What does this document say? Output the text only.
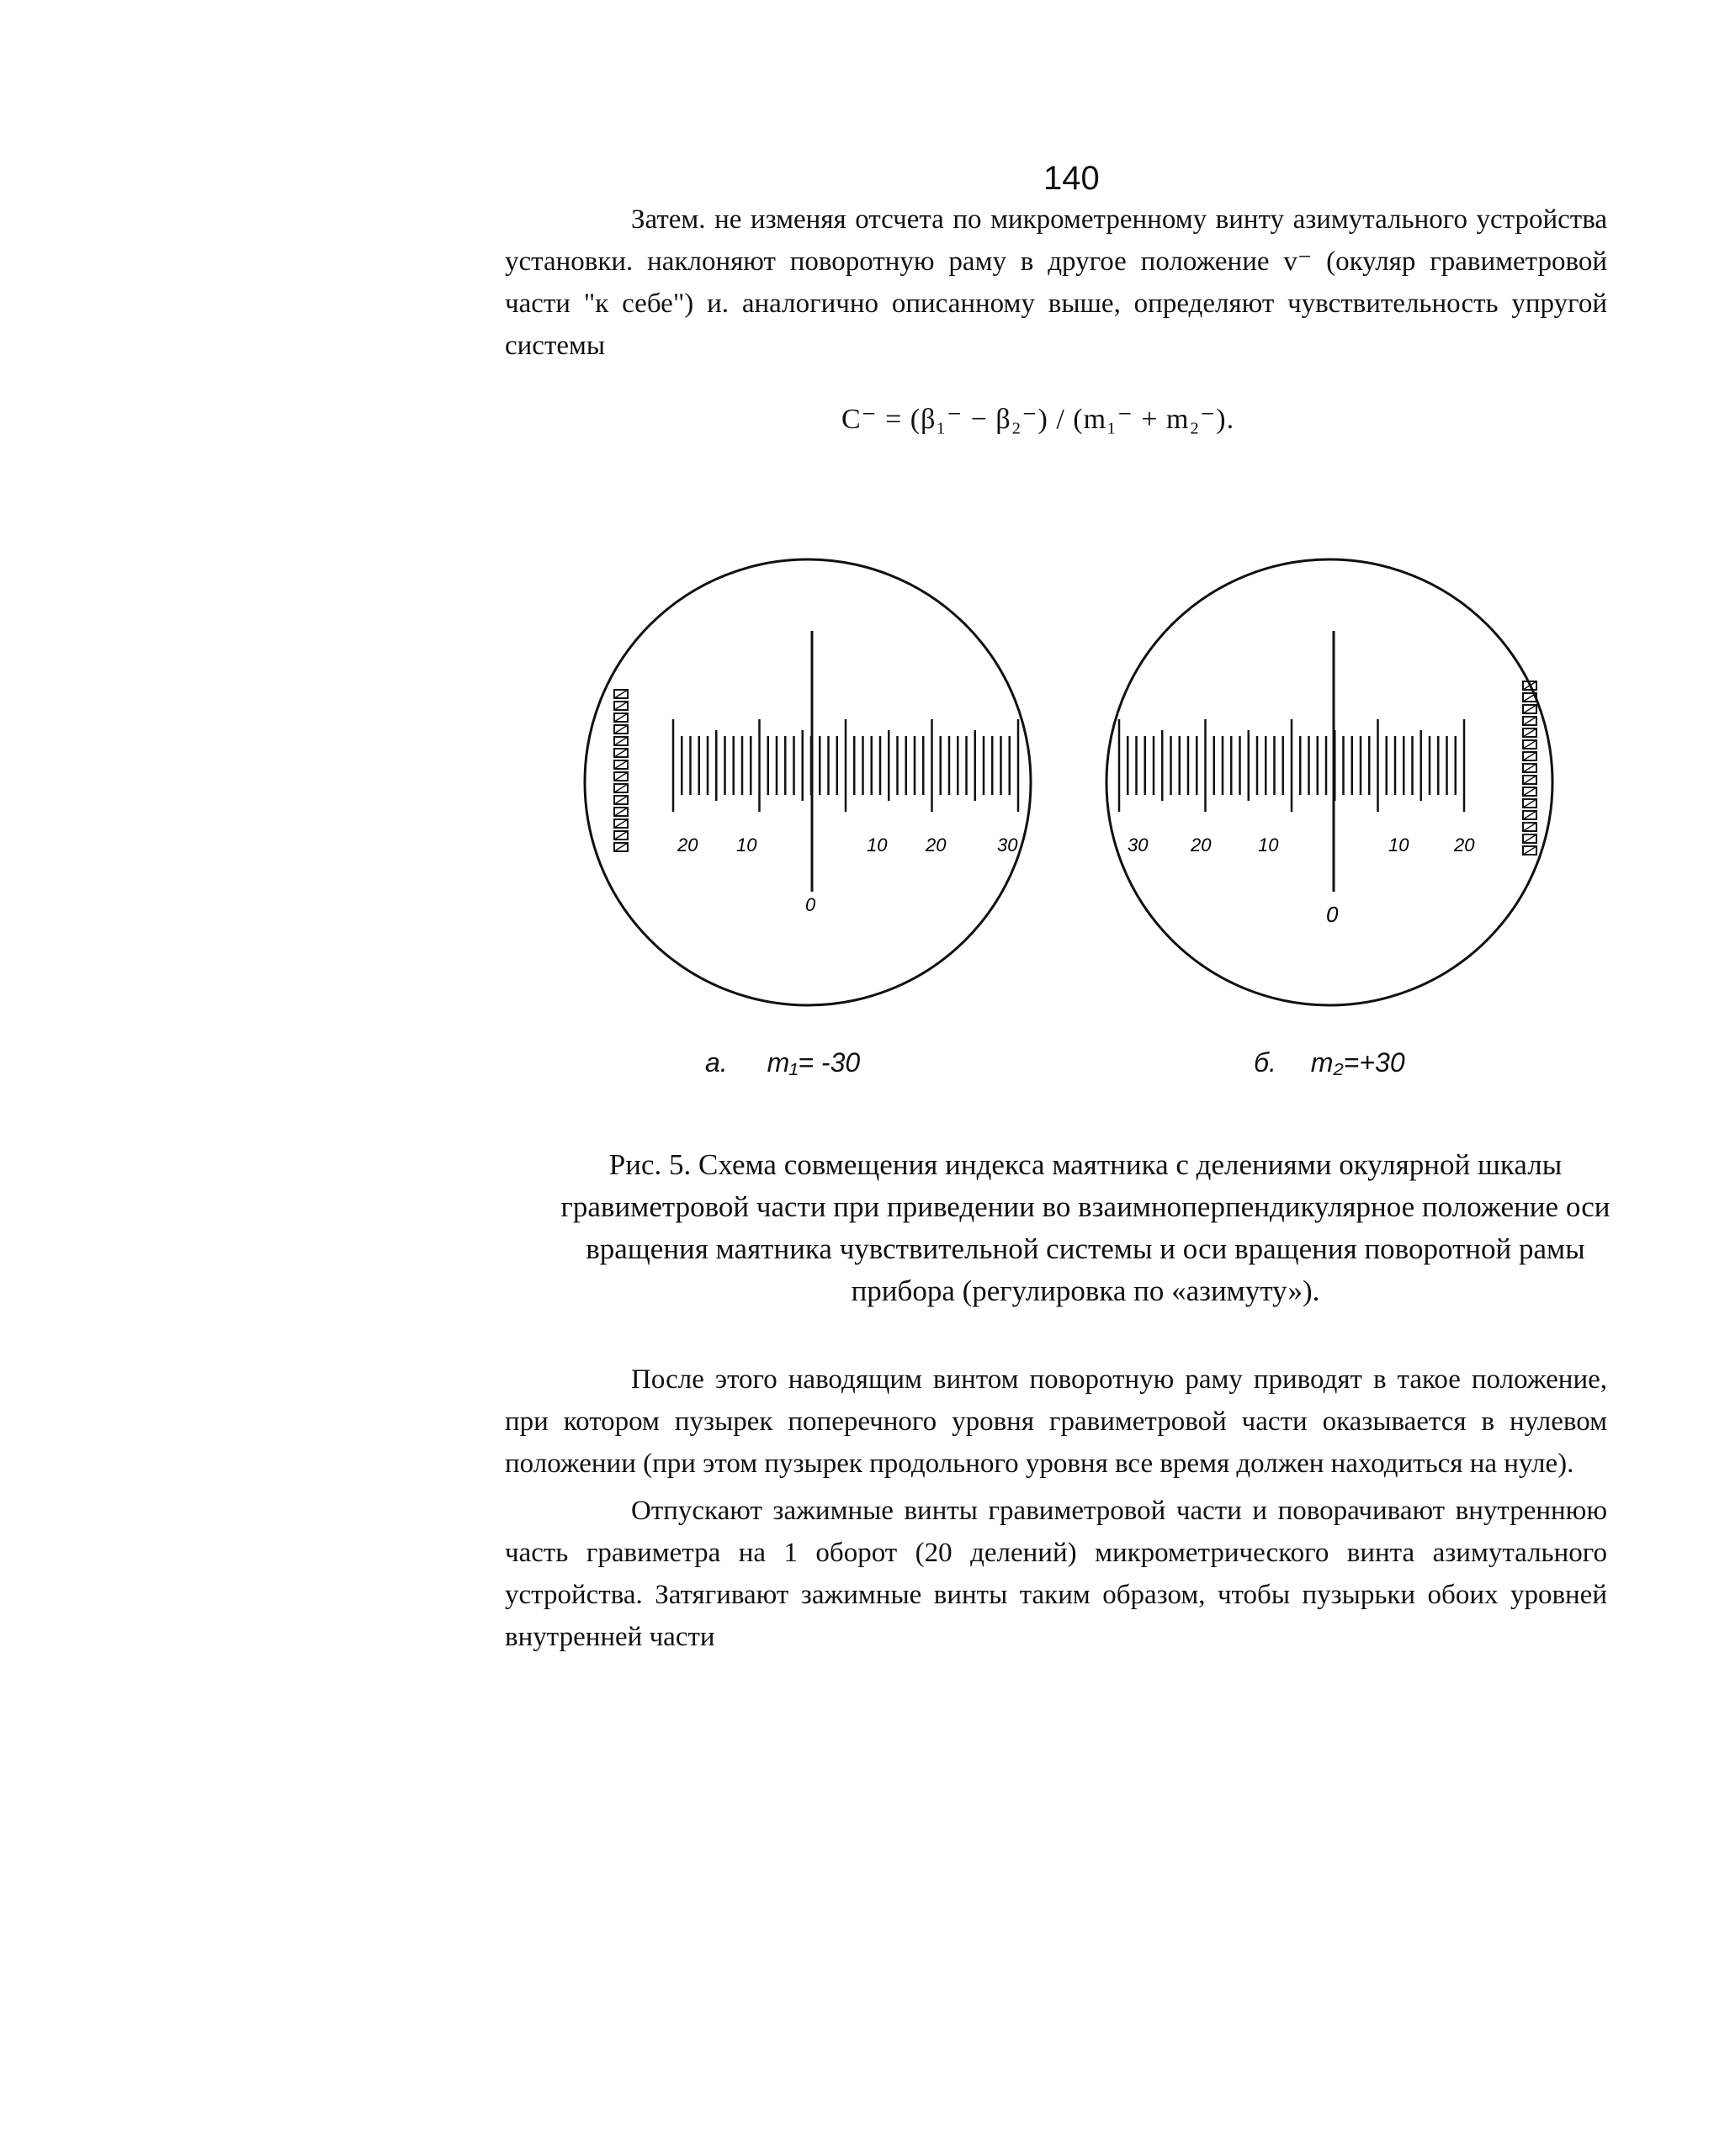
140

Затем. не изменяя отсчета по микрометренному винту азимутального устройства установки. наклоняют поворотную раму в другое положение v⁻ (окуляр гравиметровой части "к себе") и. аналогично описанному выше, определяют чувствительность упругой системы

C⁻ = (β₁⁻ − β₂⁻) / (m₁⁻ + m₂⁻).
20 10	10 20	30
0
30 20	10	10 20
0
a. m₁= -30	б. m₂=+30
Рис. 5. Схема совмещения индекса маятника с делениями окулярной шкалы гравиметровой части при приведении во взаимноперпендикулярное положение оси вращения маятника чувствительной системы и оси вращения поворотной рамы прибора (регулировка по «азимуту»).

После этого наводящим винтом поворотную раму приводят в такое положение, при котором пузырек поперечного уровня гравиметровой части оказывается в нулевом положении (при этом пузырек продольного уровня все время должен находиться на нуле).

Отпускают зажимные винты гравиметровой части и поворачивают внутреннюю часть гравиметра на 1 оборот (20 делений) микрометрического винта азимутального устройства. Затягивают зажимные винты таким образом, чтобы пузырьки обоих уровней внутренней части
